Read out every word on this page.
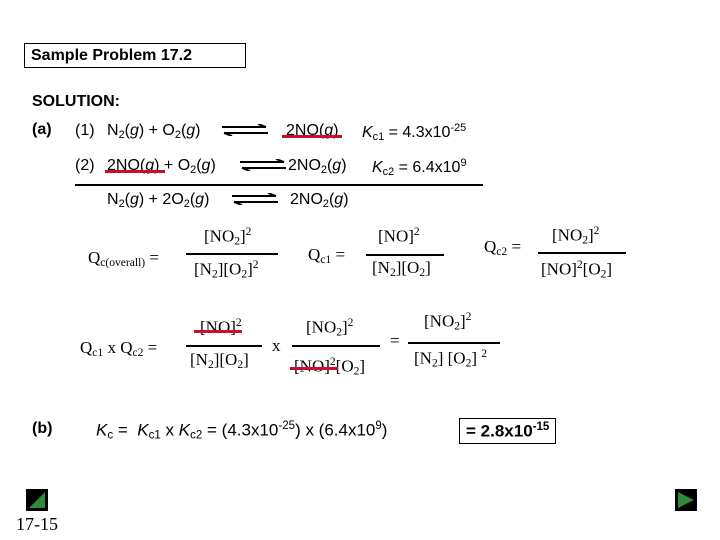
Sample Problem 17.2
SOLUTION:
(a) (1) $N_2(g) + O_2(g)$ ⇌ 2NO(g) $K_{c1} = 4.3x10^{-25}$
(2) $2NO(g) + O_2(g)$ ⇌ $2NO_2(g) K_{c2} = 6.4x10^9$
$N_2(g) + 2O_2(g)$ ⇌ $2NO_2(g)$
$Q_{c(overall)}$ =
$[NO_2]^2$
$[N_2][O_2]^2$
$Q_{c1}$ =
[NO]$^2$
$[N_2][O_2]$
$Q_{c2}$ =
$[NO_2]^2$
$[NO]^2[O_2]$
$Q_{c1}$ x $Q_{c2}$ =
[NO]$^2$
$[N_2][O_2]$
x
$[NO_2]^2$
$[NO]^2[O_2]$
=
$[NO_2]^2$
$[N_2]$ $[O_2]$ $^2$
(b)	$K_c = K_{c1}$ x $K_{c2} = (4.3x10^{-25})$ x $(6.4x10^9)$	= $2.8x10^{-15}$
17-15
